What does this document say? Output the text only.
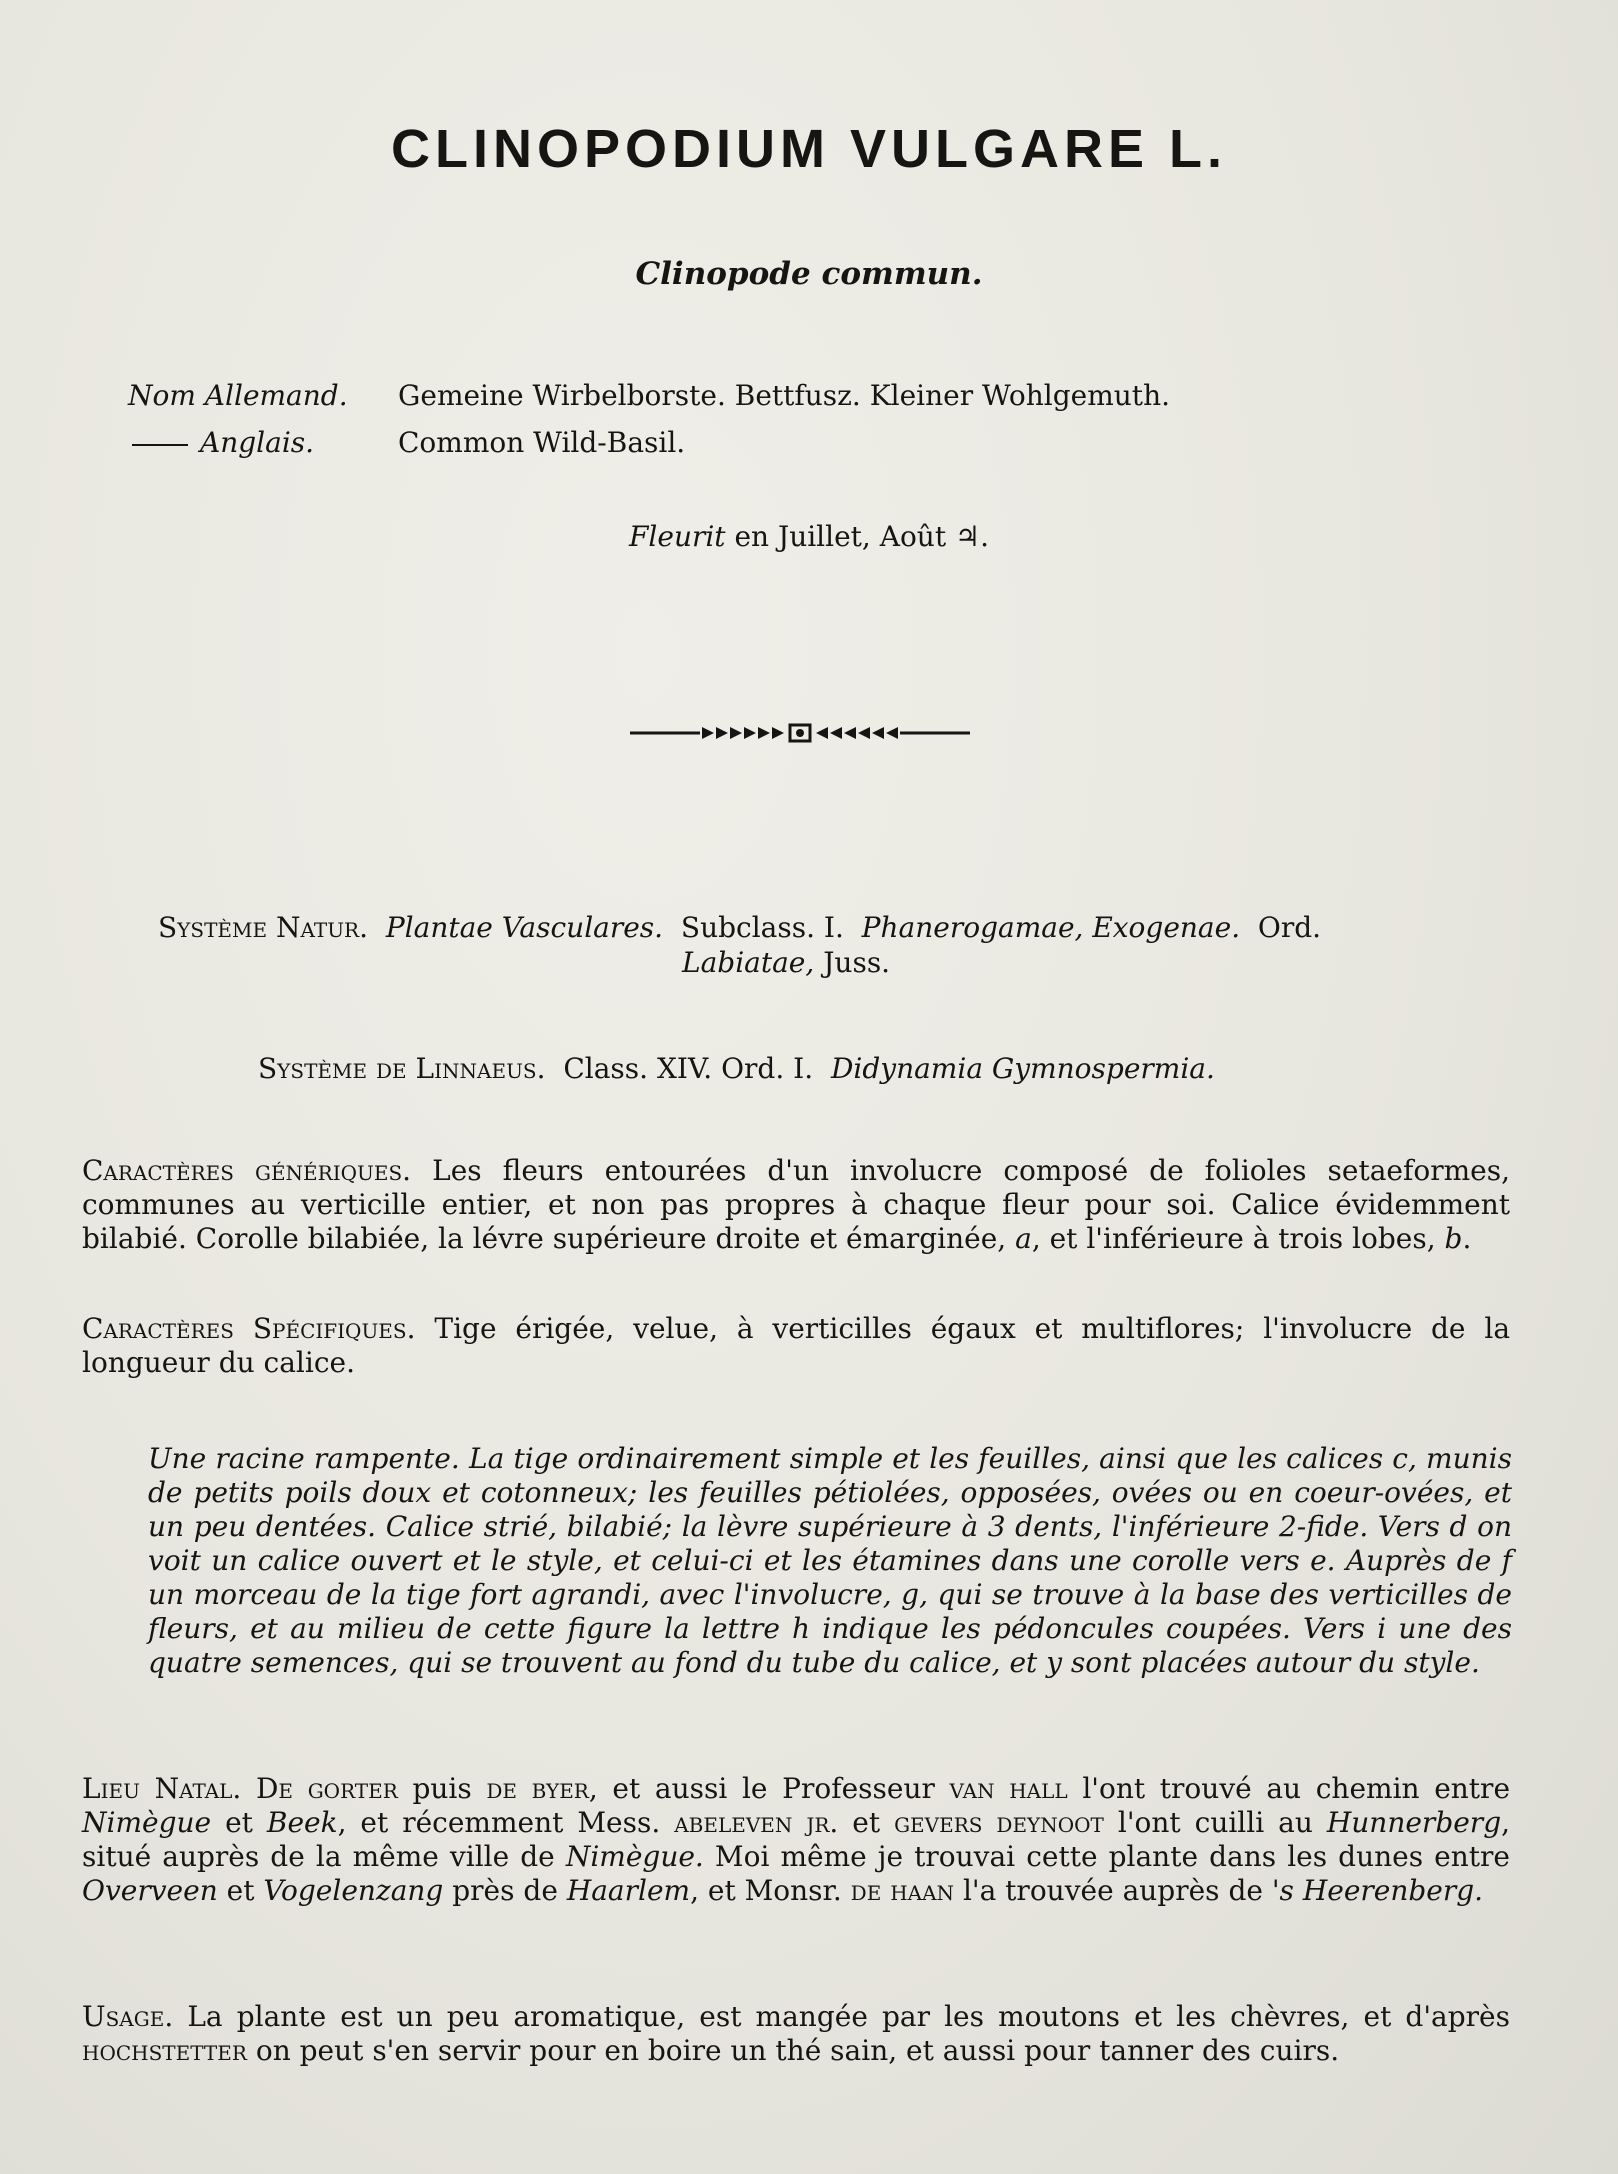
CLINOPODIUM VULGARE L.
Clinopode commun.
Nom Allemand. Gemeine Wirbelborste. Bettfusz. Kleiner Wohlgemuth.
Anglais.	Common Wild-Basil.
Fleurit en Juillet, Août ♃.
Système Natur. Plantae Vasculares. Subclass. I. Phanerogamae, Exogenae. Ord.
Labiatae, Juss.
Système de Linnaeus. Class. XIV. Ord. I. Didynamia Gymnospermia.
Caractères génériques. Les fleurs entourées d'un involucre composé de folioles setaeformes, communes au verticille entier, et non pas propres à chaque fleur pour soi. Calice évidemment bilabié. Corolle bilabiée, la lévre supérieure droite et émarginée, a, et l'inférieure à trois lobes, b.
Caractères Spécifiques. Tige érigée, velue, à verticilles égaux et multiflores; l'involucre de la longueur du calice.
Une racine rampente. La tige ordinairement simple et les feuilles, ainsi que les calices c, munis de petits poils doux et cotonneux; les feuilles pétiolées, opposées, ovées ou en coeur-ovées, et un peu dentées. Calice strié, bilabié; la lèvre supérieure à 3 dents, l'inférieure 2-fide. Vers d on voit un calice ouvert et le style, et celui-ci et les étamines dans une corolle vers e. Auprès de f un morceau de la tige fort agrandi, avec l'involucre, g, qui se trouve à la base des verticilles de fleurs, et au milieu de cette figure la lettre h indique les pédoncules coupées. Vers i une des quatre semences, qui se trouvent au fond du tube du calice, et y sont placées autour du style.
Lieu Natal. De gorter puis de byer, et aussi le Professeur van hall l'ont trouvé au chemin entre Nimègue et Beek, et récemment Mess. abeleven jr. et gevers deynoot l'ont cuilli au Hunnerberg, situé auprès de la même ville de Nimègue. Moi même je trouvai cette plante dans les dunes entre Overveen et Vogelenzang près de Haarlem, et Monsr. de haan l'a trouvée auprès de 's Heerenberg.
Usage. La plante est un peu aromatique, est mangée par les moutons et les chèvres, et d'après hochstetter on peut s'en servir pour en boire un thé sain, et aussi pour tanner des cuirs.
